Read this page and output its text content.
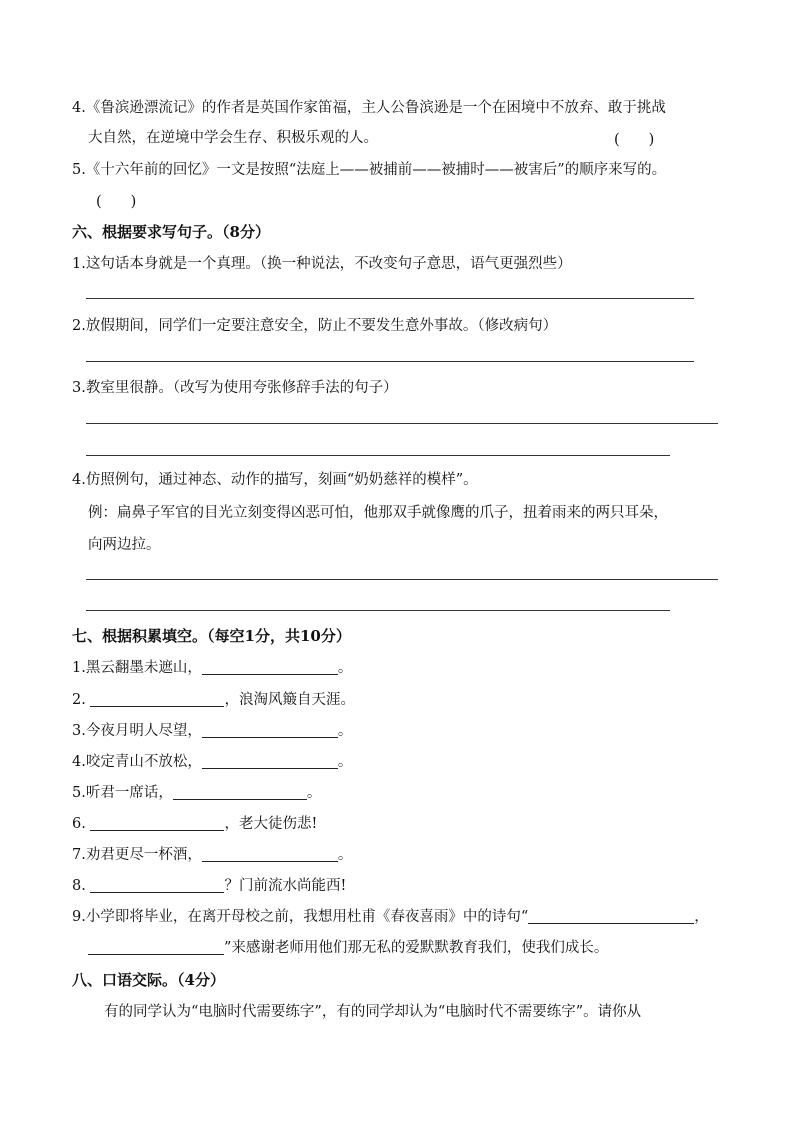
4.《鲁滨逊漂流记》的作者是英国作家笛福，主人公鲁滨逊是一个在困境中不放弃、敢于挑战
大自然，在逆境中学会生存、积极乐观的人。	(　　)
5.《十六年前的回忆》一文是按照“法庭上——被捕前——被捕时——被害后”的顺序来写的。
(　　)
六、根据要求写句子。（8分）
1.这句话本身就是一个真理。（换一种说法，不改变句子意思，语气更强烈些）
2.放假期间，同学们一定要注意安全，防止不要发生意外事故。（修改病句）
3.教室里很静。（改写为使用夸张修辞手法的句子）
4.仿照例句，通过神态、动作的描写，刻画“奶奶慈祥的模样”。
例：扁鼻子军官的目光立刻变得凶恶可怕，他那双手就像鹰的爪子，扭着雨来的两只耳朵，
向两边拉。
七、根据积累填空。（每空1分，共10分）
1.黑云翻墨未遮山，	。
2.	，浪淘风簸自天涯。
3.今夜月明人尽望，	。
4.咬定青山不放松，	。
5.听君一席话，	。
6.	，老大徒伤悲!
7.劝君更尽一杯酒，	。
8.	？门前流水尚能西!
9.小学即将毕业，在离开母校之前，我想用杜甫《春夜喜雨》中的诗句“	，
”来感谢老师用他们那无私的爱默默教育我们，使我们成长。
八、口语交际。（4分）
有的同学认为“电脑时代需要练字”，有的同学却认为“电脑时代不需要练字”。请你从
